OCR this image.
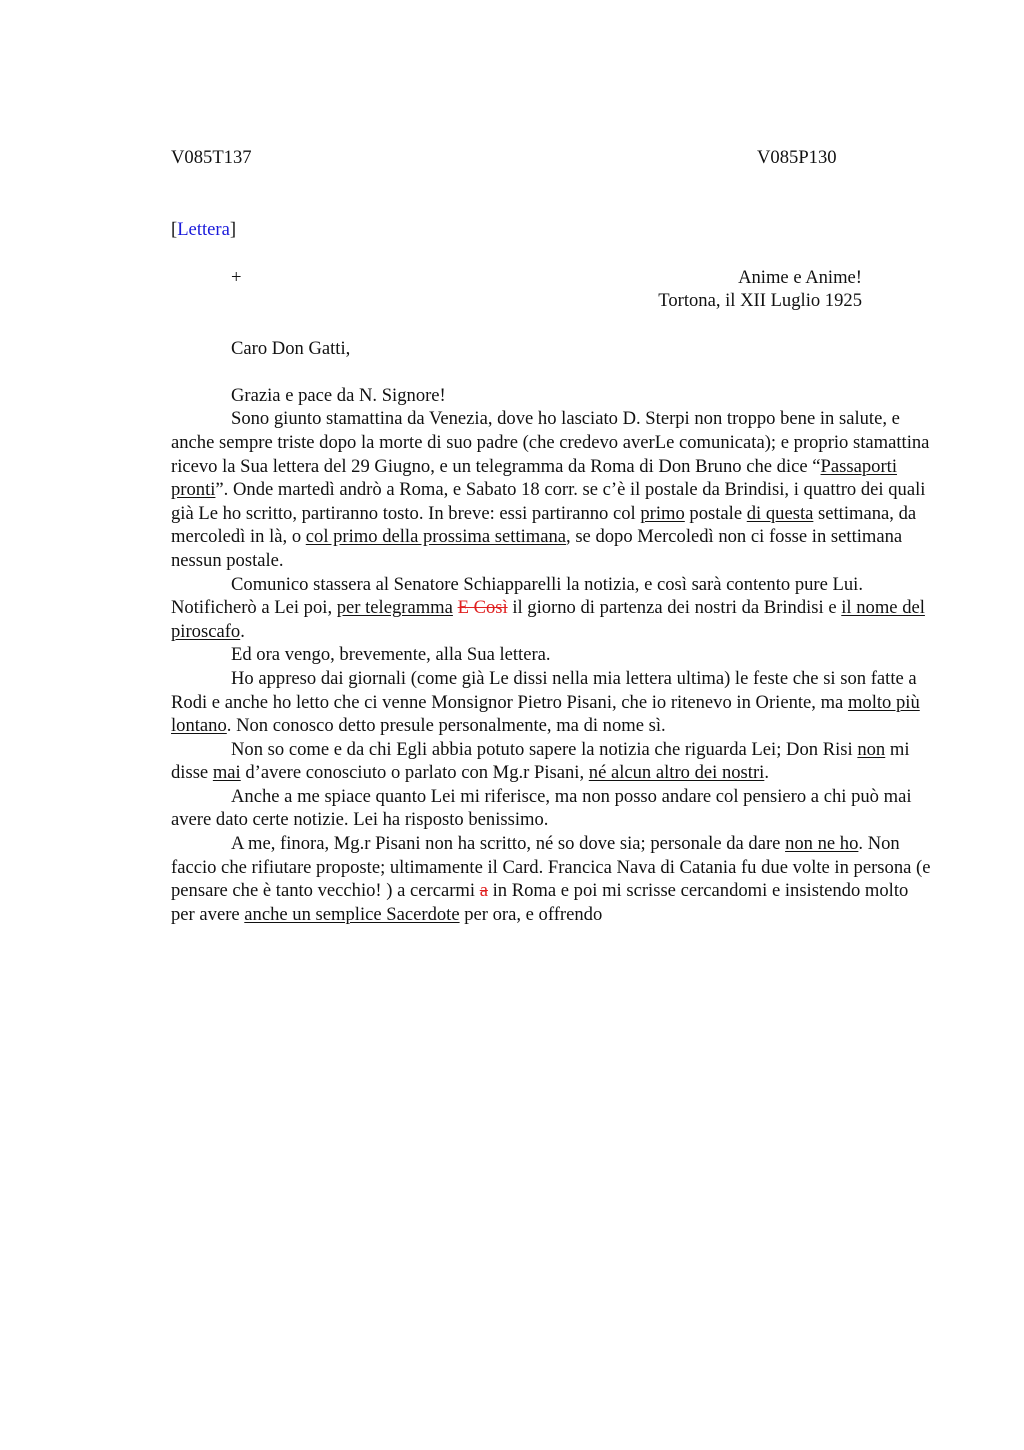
V085T137	V085P130
[Lettera]
+	Anime e Anime!
Tortona, il XII Luglio 1925
Caro Don Gatti,
Grazia e pace da N. Signore!

Sono giunto stamattina da Venezia, dove ho lasciato D. Sterpi non troppo bene in salute, e anche sempre triste dopo la morte di suo padre (che credevo averLe comunicata); e proprio stamattina ricevo la Sua lettera del 29 Giugno, e un telegramma da Roma di Don Bruno che dice “Passaporti pronti”. Onde martedì andrò a Roma, e Sabato 18 corr. se c’è il postale da Brindisi, i quattro dei quali già Le ho scritto, partiranno tosto. In breve: essi partiranno col primo postale di questa settimana, da mercoledì in là, o col primo della prossima settimana, se dopo Mercoledì non ci fosse in settimana nessun postale.

Comunico stassera al Senatore Schiapparelli la notizia, e così sarà contento pure Lui. Notificherò a Lei poi, per telegramma E Così il giorno di partenza dei nostri da Brindisi e il nome del piroscafo.

Ed ora vengo, brevemente, alla Sua lettera.

Ho appreso dai giornali (come già Le dissi nella mia lettera ultima) le feste che si son fatte a Rodi e anche ho letto che ci venne Monsignor Pietro Pisani, che io ritenevo in Oriente, ma molto più lontano. Non conosco detto presule personalmente, ma di nome sì.

Non so come e da chi Egli abbia potuto sapere la notizia che riguarda Lei; Don Risi non mi disse mai d’avere conosciuto o parlato con Mg.r Pisani, né alcun altro dei nostri.

Anche a me spiace quanto Lei mi riferisce, ma non posso andare col pensiero a chi può mai avere dato certe notizie. Lei ha risposto benissimo.

A me, finora, Mg.r Pisani non ha scritto, né so dove sia; personale da dare non ne ho. Non faccio che rifiutare proposte; ultimamente il Card. Francica Nava di Catania fu due volte in persona (e pensare che è tanto vecchio! ) a cercarmi a in Roma e poi mi scrisse cercandomi e insistendo molto per avere anche un semplice Sacerdote per ora, e offrendo
